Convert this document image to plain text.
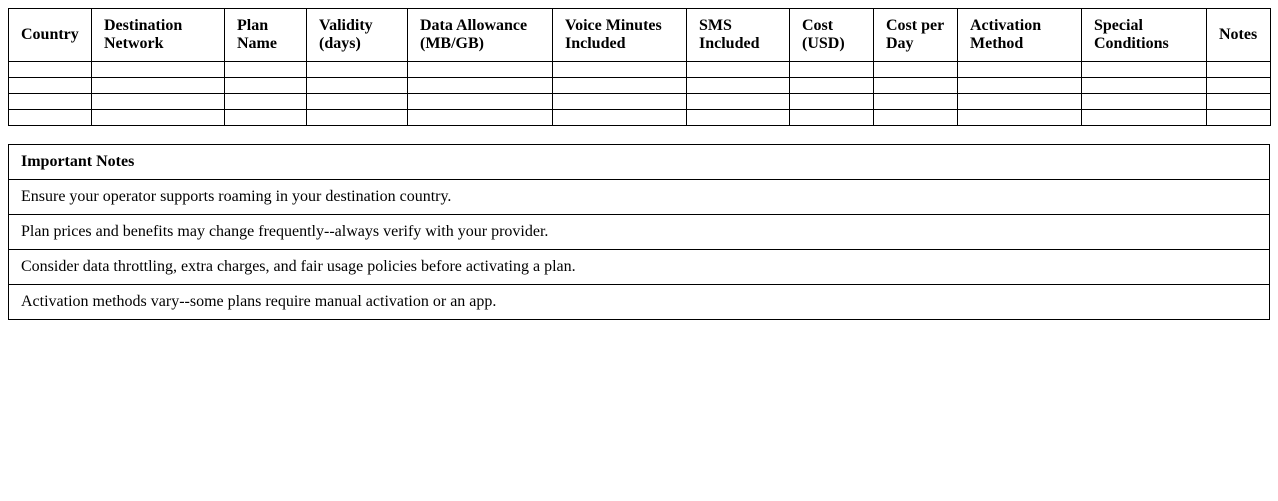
Country	Destination Network	Plan Name	Validity (days)	Data Allowance (MB/GB)	Voice Minutes Included	SMS Included	Cost (USD)	Cost per Day	Activation Method	Special Conditions	Notes

Important Notes
Ensure your operator supports roaming in your destination country.
Plan prices and benefits may change frequently--always verify with your provider.
Consider data throttling, extra charges, and fair usage policies before activating a plan.
Activation methods vary--some plans require manual activation or an app.
